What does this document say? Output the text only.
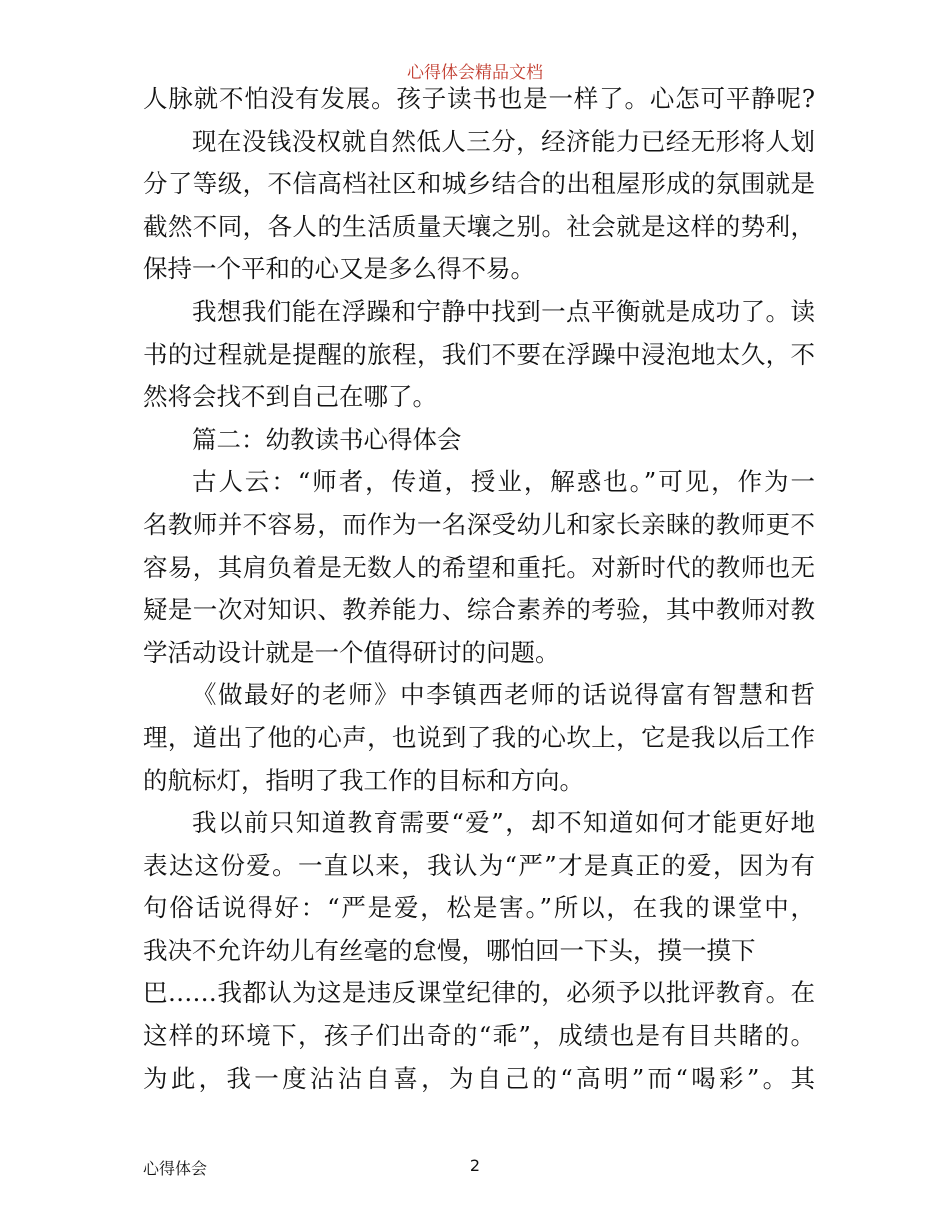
心得体会精品文档
人脉就不怕没有发展。孩子读书也是一样了。心怎可平静呢?
现在没钱没权就自然低人三分，经济能力已经无形将人划
分了等级，不信高档社区和城乡结合的出租屋形成的氛围就是
截然不同，各人的生活质量天壤之别。社会就是这样的势利，
保持一个平和的心又是多么得不易。
我想我们能在浮躁和宁静中找到一点平衡就是成功了。读
书的过程就是提醒的旅程，我们不要在浮躁中浸泡地太久，不
然将会找不到自己在哪了。
篇二：幼教读书心得体会
古人云：“师者，传道，授业，解惑也。”可见，作为一
名教师并不容易，而作为一名深受幼儿和家长亲睐的教师更不
容易，其肩负着是无数人的希望和重托。对新时代的教师也无
疑是一次对知识、教养能力、综合素养的考验，其中教师对教
学活动设计就是一个值得研讨的问题。
《做最好的老师》中李镇西老师的话说得富有智慧和哲
理，道出了他的心声，也说到了我的心坎上，它是我以后工作
的航标灯，指明了我工作的目标和方向。
我以前只知道教育需要“爱”，却不知道如何才能更好地
表达这份爱。一直以来，我认为“严”才是真正的爱，因为有
句俗话说得好：“严是爱，松是害。”所以，在我的课堂中，
我决不允许幼儿有丝毫的怠慢，哪怕回一下头，摸一摸下
巴……我都认为这是违反课堂纪律的，必须予以批评教育。在
这样的环境下，孩子们出奇的“乖”，成绩也是有目共睹的。
为此，我一度沾沾自喜，为自己的“高明”而“喝彩”。其
心得体会	2
